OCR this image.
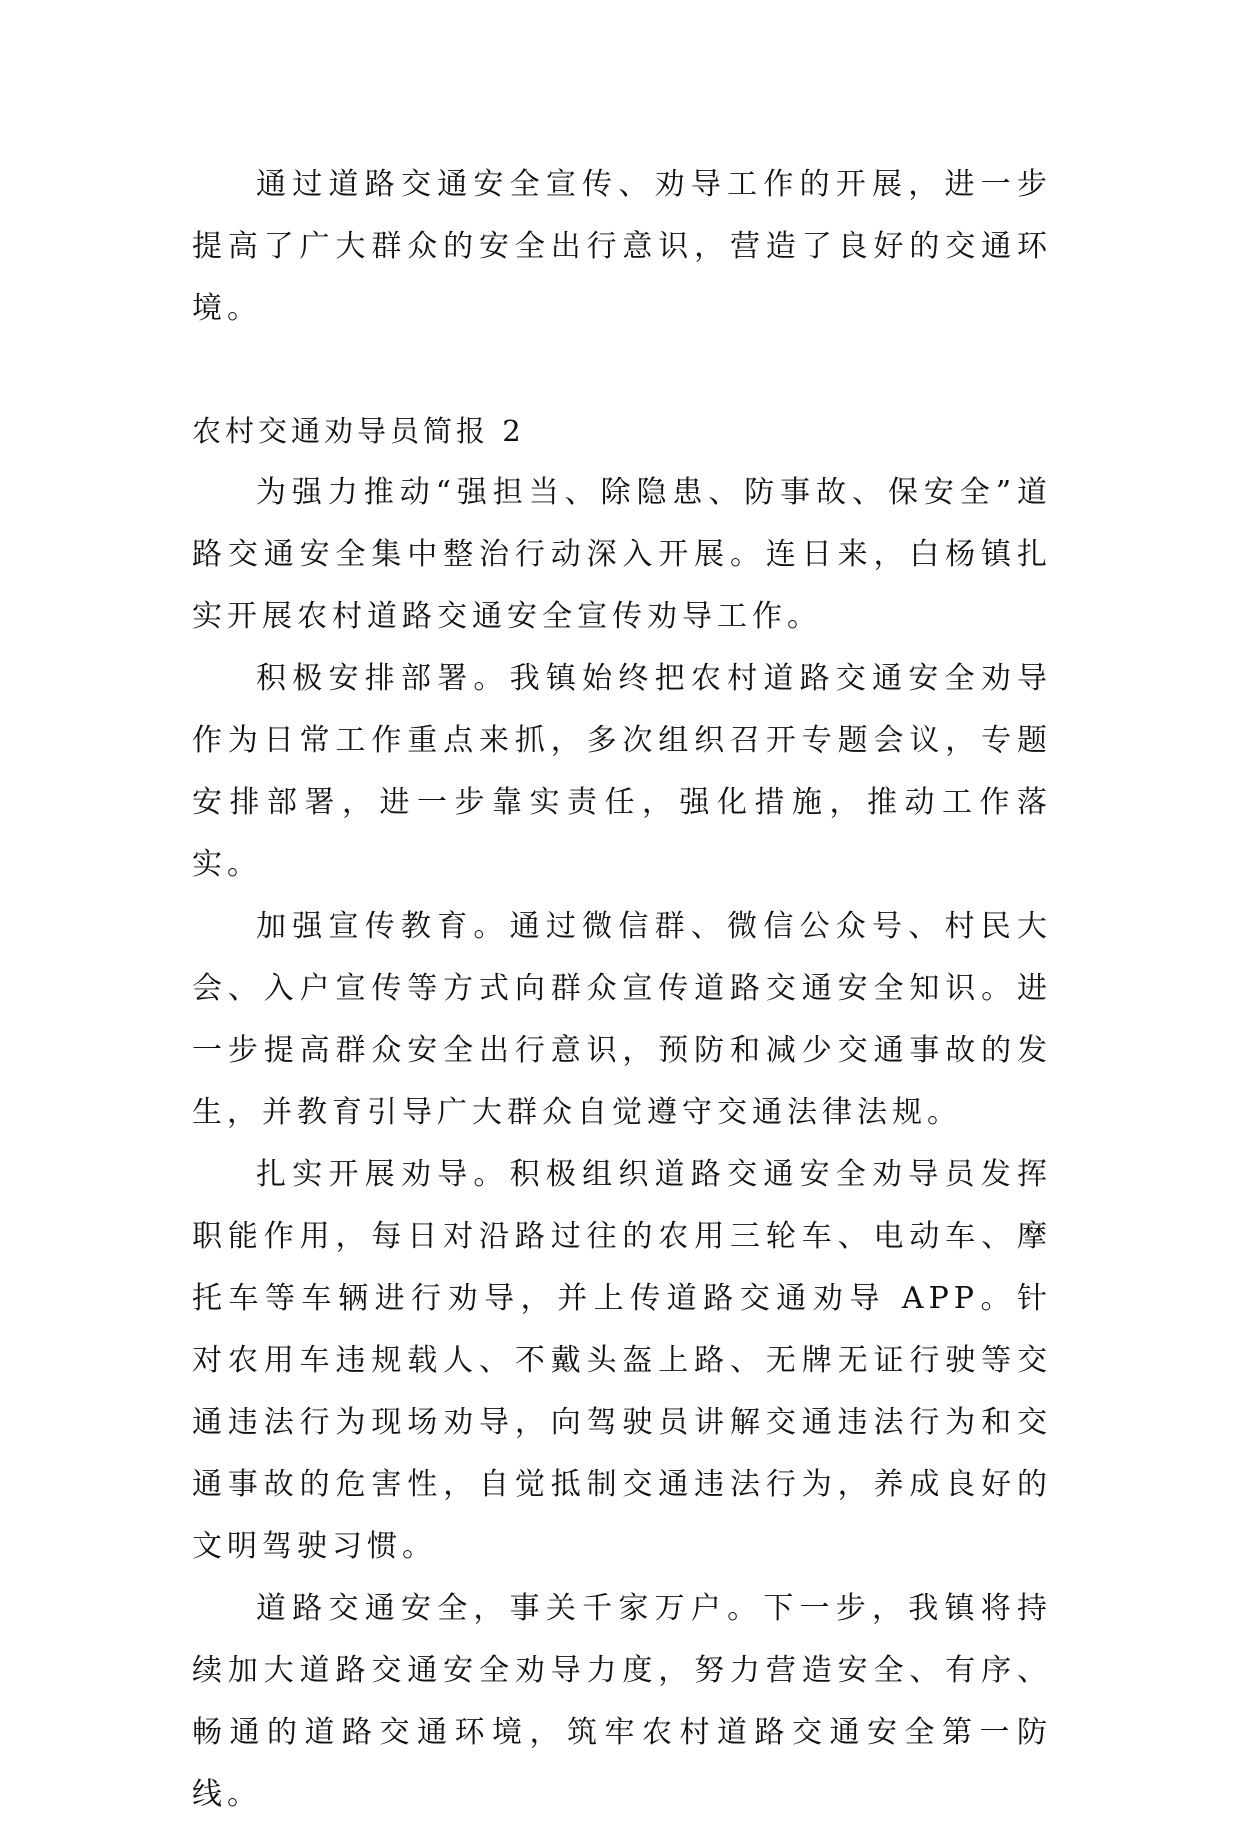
通过道路交通安全宣传、劝导工作的开展，进一步提高了广大群众的安全出行意识，营造了良好的交通环境。

农村交通劝导员简报 2

为强力推动“强担当、除隐患、防事故、保安全”道路交通安全集中整治行动深入开展。连日来，白杨镇扎实开展农村道路交通安全宣传劝导工作。

积极安排部署。我镇始终把农村道路交通安全劝导作为日常工作重点来抓，多次组织召开专题会议，专题安排部署，进一步靠实责任，强化措施，推动工作落实。

加强宣传教育。通过微信群、微信公众号、村民大会、入户宣传等方式向群众宣传道路交通安全知识。进一步提高群众安全出行意识，预防和减少交通事故的发生，并教育引导广大群众自觉遵守交通法律法规。

扎实开展劝导。积极组织道路交通安全劝导员发挥职能作用，每日对沿路过往的农用三轮车、电动车、摩托车等车辆进行劝导，并上传道路交通劝导 APP。针对农用车违规载人、不戴头盔上路、无牌无证行驶等交通违法行为现场劝导，向驾驶员讲解交通违法行为和交通事故的危害性，自觉抵制交通违法行为，养成良好的文明驾驶习惯。

道路交通安全，事关千家万户。下一步，我镇将持续加大道路交通安全劝导力度，努力营造安全、有序、畅通的道路交通环境，筑牢农村道路交通安全第一防线。
